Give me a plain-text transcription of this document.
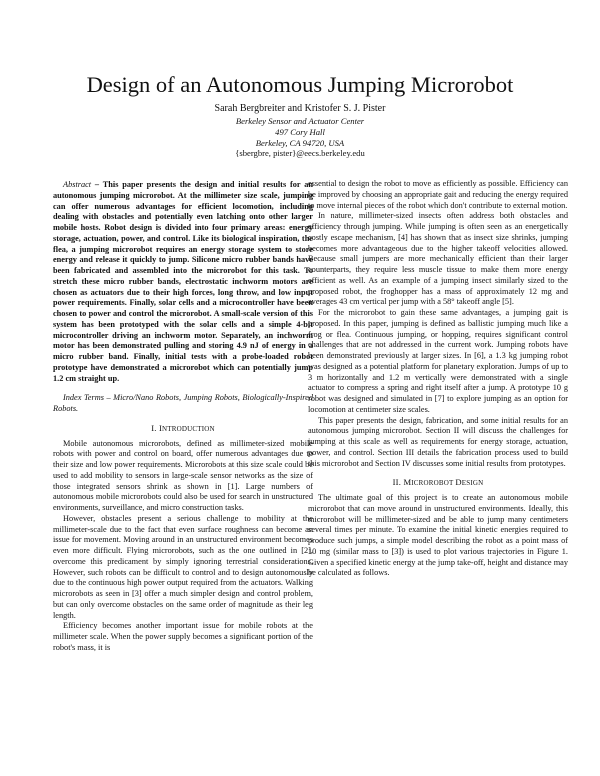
Design of an Autonomous Jumping Microrobot
Sarah Bergbreiter and Kristofer S. J. Pister
Berkeley Sensor and Actuator Center
497 Cory Hall
Berkeley, CA 94720, USA
{sbergbre, pister}@eecs.berkeley.edu

Abstract – This paper presents the design and initial results for an autonomous jumping microrobot. At the millimeter size scale, jumping can offer numerous advantages for efficient locomotion, including dealing with obstacles and potentially even latching onto other larger mobile hosts. Robot design is divided into four primary areas: energy storage, actuation, power, and control. Like its biological inspiration, the flea, a jumping microrobot requires an energy storage system to store energy and release it quickly to jump. Silicone micro rubber bands have been fabricated and assembled into the microrobot for this task. To stretch these micro rubber bands, electrostatic inchworm motors are chosen as actuators due to their high forces, long throw, and low input power requirements. Finally, solar cells and a microcontroller have been chosen to power and control the microrobot. A small-scale version of this system has been prototyped with the solar cells and a simple 4-bit microcontroller driving an inchworm motor. Separately, an inchworm motor has been demonstrated pulling and storing 4.9 nJ of energy in a micro rubber band. Finally, initial tests with a probe-loaded robot prototype have demonstrated a microrobot which can potentially jump 1.2 cm straight up.

Index Terms – Micro/Nano Robots, Jumping Robots, Biologically-Inspired Robots.

I. INTRODUCTION

Mobile autonomous microrobots, defined as millimeter-sized mobile robots with power and control on board, offer numerous advantages due to their size and low power requirements. Microrobots at this size scale could be used to add mobility to sensors in large-scale sensor networks as the size of those integrated sensors shrink as shown in [1]. Large numbers of autonomous mobile microrobots could also be used for search in unstructured environments, surveillance, and micro construction tasks.

However, obstacles present a serious challenge to mobility at the millimeter-scale due to the fact that even surface roughness can become an issue for movement. Moving around in an unstructured environment becomes even more difficult. Flying microrobots, such as the one outlined in [2], overcome this predicament by simply ignoring terrestrial considerations. However, such robots can be difficult to control and to design autonomously due to the continuous high power output required from the actuators. Walking microrobots as seen in [3] offer a much simpler design and control problem, but can only overcome obstacles on the same order of magnitude as their leg length.

Efficiency becomes another important issue for mobile robots at the millimeter scale. When the power supply becomes a significant portion of the robot's mass, it is

essential to design the robot to move as efficiently as possible. Efficiency can be improved by choosing an appropriate gait and reducing the energy required to move internal pieces of the robot which don't contribute to external motion.

In nature, millimeter-sized insects often address both obstacles and efficiency through jumping. While jumping is often seen as an energetically costly escape mechanism, [4] has shown that as insect size shrinks, jumping becomes more advantageous due to the higher takeoff velocities allowed. Because small jumpers are more mechanically efficient than their larger counterparts, they require less muscle tissue to make them more energy efficient as well. As an example of a jumping insect similarly sized to the proposed robot, the froghopper has a mass of approximately 12 mg and averages 43 cm vertical per jump with a 58° takeoff angle [5].

For the microrobot to gain these same advantages, a jumping gait is proposed. In this paper, jumping is defined as ballistic jumping much like a frog or flea. Continuous jumping, or hopping, requires significant control challenges that are not addressed in the current work. Jumping robots have been demonstrated previously at larger sizes. In [6], a 1.3 kg jumping robot was designed as a potential platform for planetary exploration. Jumps of up to 3 m horizontally and 1.2 m vertically were demonstrated with a single actuator to compress a spring and right itself after a jump. A prototype 10 g robot was designed and simulated in [7] to explore jumping as an option for locomotion at centimeter size scales.

This paper presents the design, fabrication, and some initial results for an autonomous jumping microrobot. Section II will discuss the challenges for jumping at this scale as well as requirements for energy storage, actuation, power, and control. Section III details the fabrication process used to build this microrobot and Section IV discusses some initial results from prototypes.

II. MICROROBOT DESIGN

The ultimate goal of this project is to create an autonomous mobile microrobot that can move around in unstructured environments. Ideally, this microrobot will be millimeter-sized and be able to jump many centimeters several times per minute. To examine the initial kinetic energies required to produce such jumps, a simple model describing the robot as a point mass of 10 mg (similar mass to [3]) is used to plot various trajectories in Figure 1. Given a specified kinetic energy at the jump take-off, height and distance may be calculated as follows.
